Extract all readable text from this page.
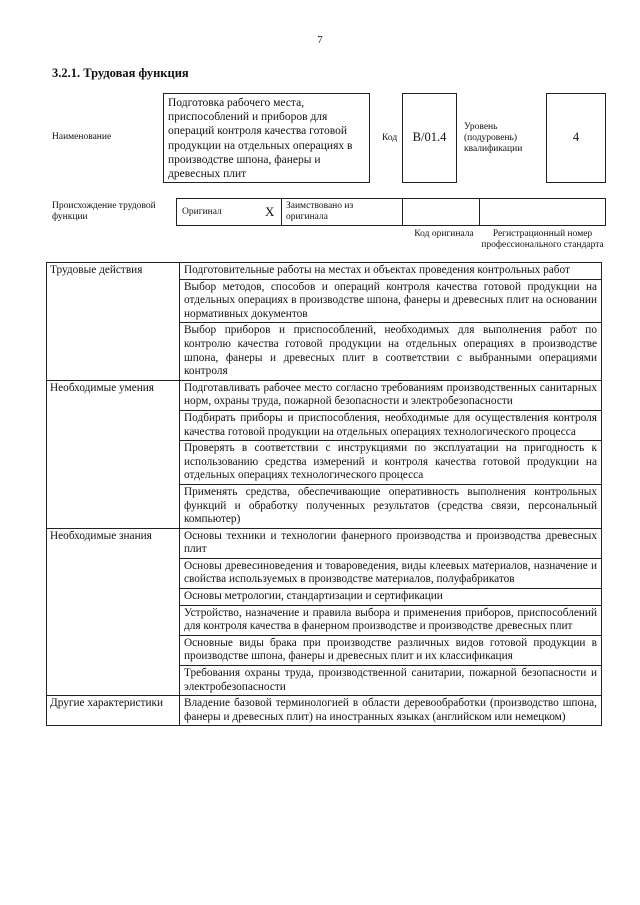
7
3.2.1. Трудовая функция
Наименование
Подготовка рабочего места, приспособлений и приборов для операций контроля качества готовой продукции на отдельных операциях в производстве шпона, фанеры и древесных плит
Код	В/01.4
Уровень (подуровень) квалификации
4
Происхождение трудовой функции	Оригинал	X Заимствовано из оригинала
Код оригинала	Регистрационный номер профессионального стандарта
Трудовые действия	Подготовительные работы на местах и объектах проведения контрольных работ
	Выбор методов, способов и операций контроля качества готовой продукции на отдельных операциях в производстве шпона, фанеры и древесных плит на основании нормативных документов
	Выбор приборов и приспособлений, необходимых для выполнения работ по контролю качества готовой продукции на отдельных операциях в производстве шпона, фанеры и древесных плит в соответствии с выбранными операциями контроля
Необходимые умения	Подготавливать рабочее место согласно требованиям производственных санитарных норм, охраны труда, пожарной безопасности и электробезопасности
	Подбирать приборы и приспособления, необходимые для осуществления контроля качества готовой продукции на отдельных операциях технологического процесса
	Проверять в соответствии с инструкциями по эксплуатации на пригодность к использованию средства измерений и контроля качества готовой продукции на отдельных операциях технологического процесса
	Применять средства, обеспечивающие оперативность выполнения контрольных функций и обработку полученных результатов (средства связи, персональный компьютер)
Необходимые знания	Основы техники и технологии фанерного производства и производства древесных плит
	Основы древесиноведения и товароведения, виды клеевых материалов, назначение и свойства используемых в производстве материалов, полуфабрикатов
	Основы метрологии, стандартизации и сертификации
	Устройство, назначение и правила выбора и применения приборов, приспособлений для контроля качества в фанерном производстве и производстве древесных плит
	Основные виды брака при производстве различных видов готовой продукции в производстве шпона, фанеры и древесных плит и их классификация
	Требования охраны труда, производственной санитарии, пожарной безопасности и электробезопасности
Другие характеристики	Владение базовой терминологией в области деревообработки (производство шпона, фанеры и древесных плит) на иностранных языках (английском или немецком)
